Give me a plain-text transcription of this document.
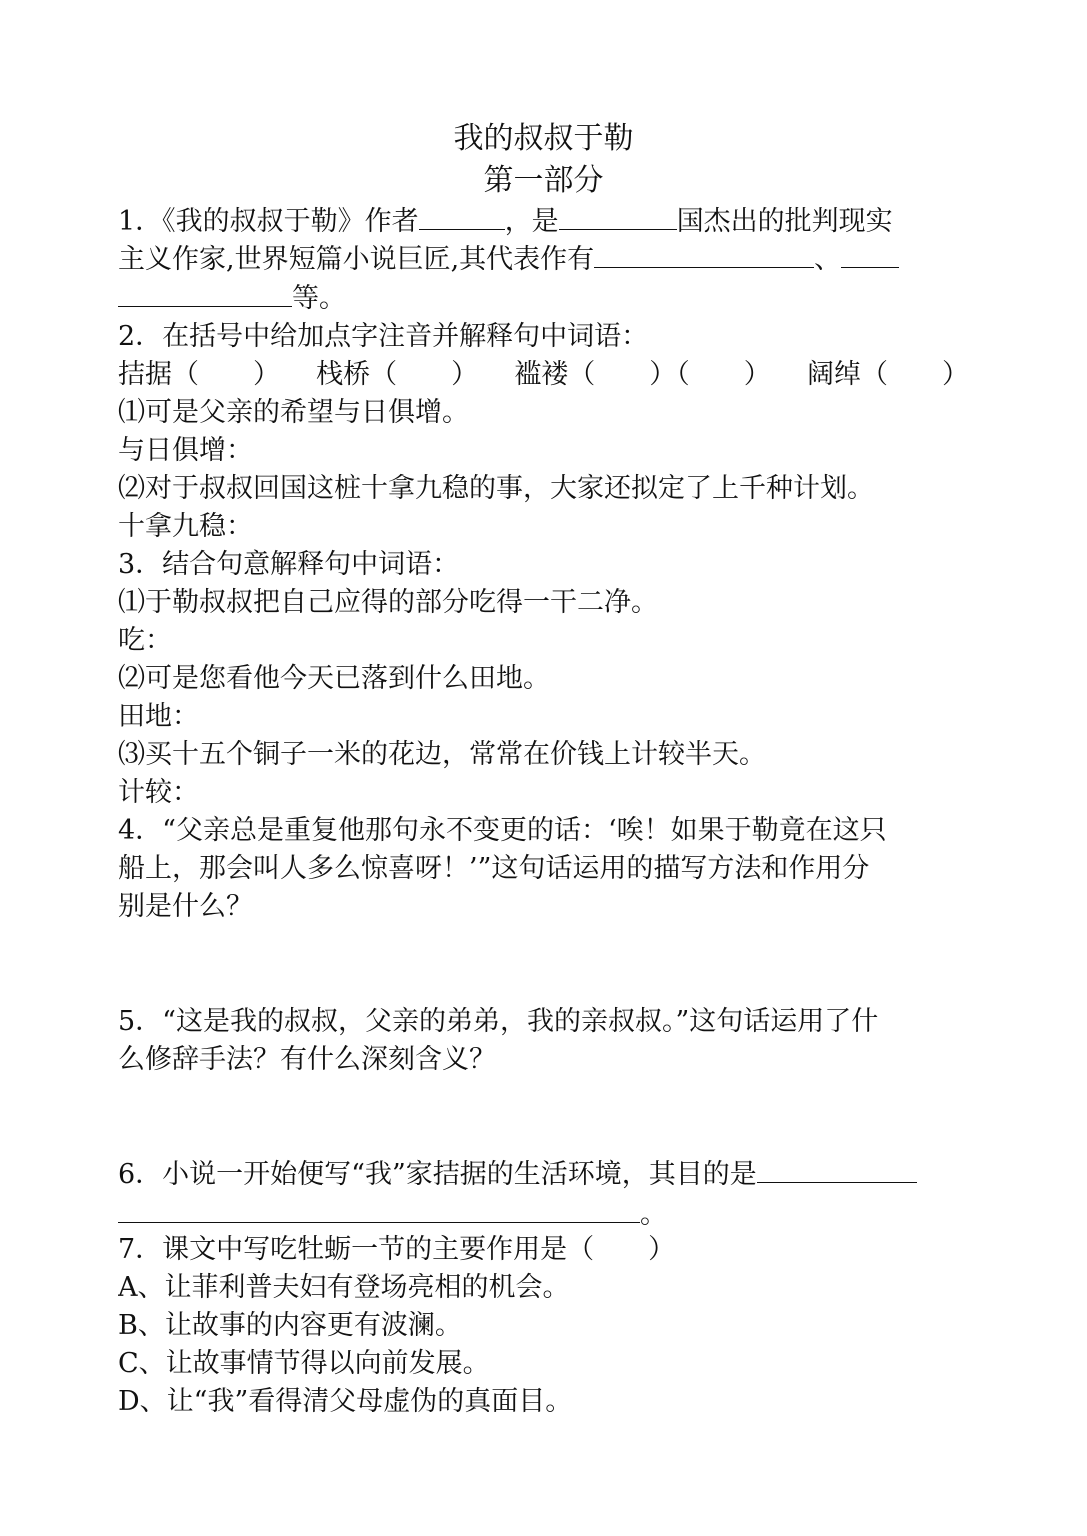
我的叔叔于勒
第一部分
1．《我的叔叔于勒》作者	，是	国杰出的批判现实
主义作家,世界短篇小说巨匠,其代表作有	、
等。
2．在括号中给加点字注音并解释句中词语：
拮据（　　） 栈桥（　　） 褴褛（　　）（　　） 阔绰（　　）
⑴可是父亲的希望与日俱增。
与日俱增：
⑵对于叔叔回国这桩十拿九稳的事，大家还拟定了上千种计划。
十拿九稳：
3．结合句意解释句中词语：
⑴于勒叔叔把自己应得的部分吃得一干二净。
吃：
⑵可是您看他今天已落到什么田地。
田地：
⑶买十五个铜子一米的花边，常常在价钱上计较半天。
计较：
4．“父亲总是重复他那句永不变更的话：‘唉！如果于勒竟在这只
船上，那会叫人多么惊喜呀！’”这句话运用的描写方法和作用分
别是什么？
5．“这是我的叔叔，父亲的弟弟，我的亲叔叔。”这句话运用了什
么修辞手法？有什么深刻含义？
6．小说一开始便写“我”家拮据的生活环境，其目的是
。
7．课文中写吃牡蛎一节的主要作用是（　　）
A、让菲利普夫妇有登场亮相的机会。
B、让故事的内容更有波澜。
C、让故事情节得以向前发展。
D、让“我”看得清父母虚伪的真面目。
